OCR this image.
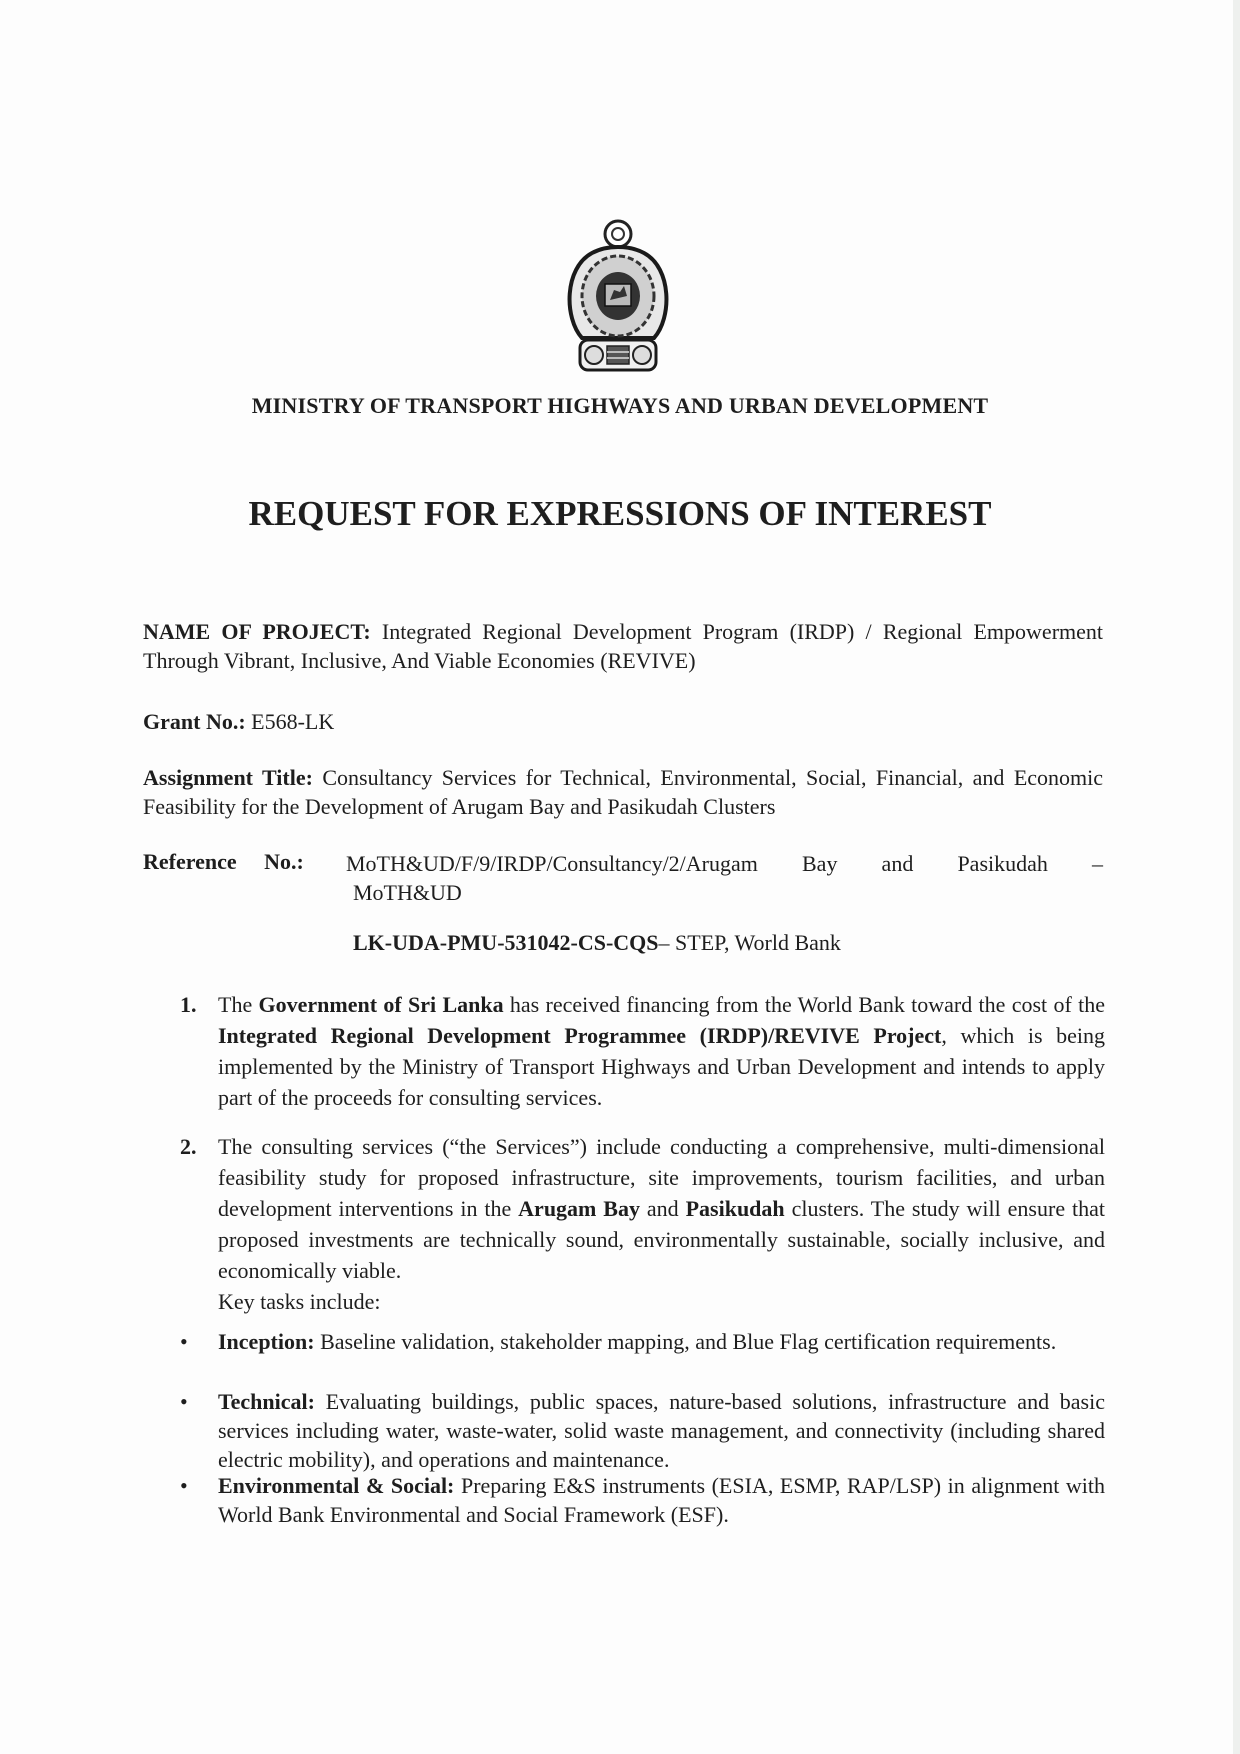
MINISTRY OF TRANSPORT HIGHWAYS AND URBAN DEVELOPMENT
REQUEST FOR EXPRESSIONS OF INTEREST
NAME OF PROJECT: Integrated Regional Development Program (IRDP) / Regional Empowerment Through Vibrant, Inclusive, And Viable Economies (REVIVE)
Grant No.: E568-LK
Assignment Title: Consultancy Services for Technical, Environmental, Social, Financial, and Economic Feasibility for the Development of Arugam Bay and Pasikudah Clusters
Reference No.:	MoTH&UD/F/9/IRDP/Consultancy/2/Arugam Bay and Pasikudah –
MoTH&UD
LK-UDA-PMU-531042-CS-CQS– STEP, World Bank
1. The Government of Sri Lanka has received financing from the World Bank toward the cost of the Integrated Regional Development Programmee (IRDP)/REVIVE Project, which is being implemented by the Ministry of Transport Highways and Urban Development and intends to apply part of the proceeds for consulting services.
2. The consulting services (“the Services”) include conducting a comprehensive, multi-dimensional feasibility study for proposed infrastructure, site improvements, tourism facilities, and urban development interventions in the Arugam Bay and Pasikudah clusters. The study will ensure that proposed investments are technically sound, environmentally sustainable, socially inclusive, and economically viable.
Key tasks include:
• Inception: Baseline validation, stakeholder mapping, and Blue Flag certification requirements.
• Technical: Evaluating buildings, public spaces, nature-based solutions, infrastructure and basic services including water, waste-water, solid waste management, and connectivity (including shared electric mobility), and operations and maintenance.
• Environmental & Social: Preparing E&S instruments (ESIA, ESMP, RAP/LSP) in alignment with World Bank Environmental and Social Framework (ESF).
